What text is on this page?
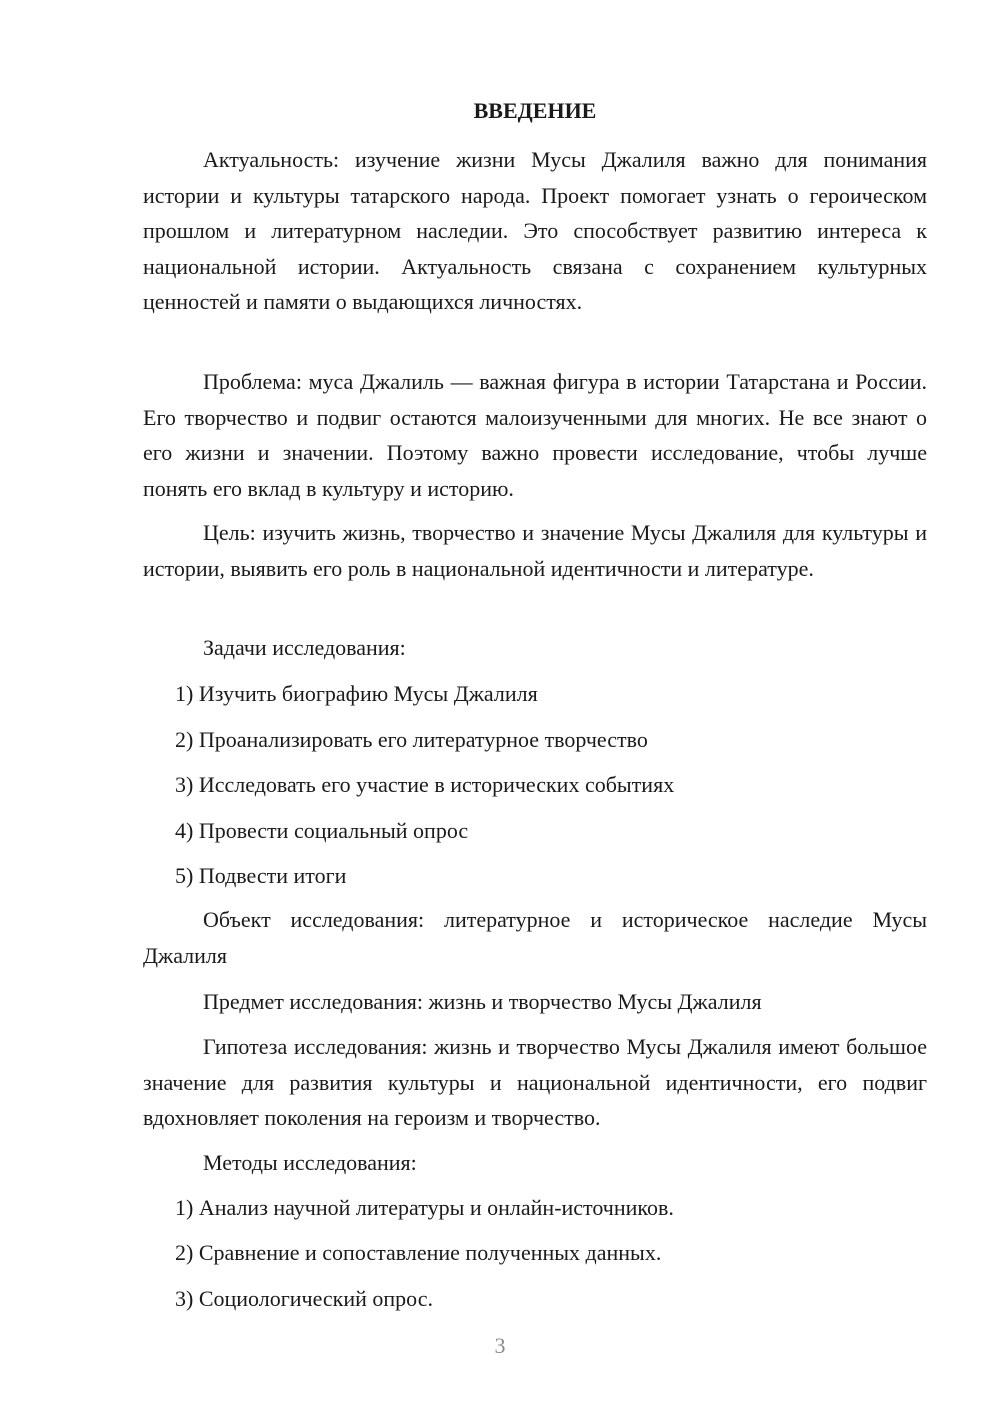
ВВЕДЕНИЕ

Актуальность: изучение жизни Мусы Джалиля важно для понимания истории и культуры татарского народа. Проект помогает узнать о героическом прошлом и литературном наследии. Это способствует развитию интереса к национальной истории. Актуальность связана с сохранением культурных ценностей и памяти о выдающихся личностях.

Проблема: муса Джалиль — важная фигура в истории Татарстана и России. Его творчество и подвиг остаются малоизученными для многих. Не все знают о его жизни и значении. Поэтому важно провести исследование, чтобы лучше понять его вклад в культуру и историю.

Цель: изучить жизнь, творчество и значение Мусы Джалиля для культуры и истории, выявить его роль в национальной идентичности и литературе.

Задачи исследования:
1) Изучить биографию Мусы Джалиля
2) Проанализировать его литературное творчество
3) Исследовать его участие в исторических событиях
4) Провести социальный опрос
5) Подвести итоги

Объект исследования: литературное и историческое наследие Мусы Джалиля

Предмет исследования: жизнь и творчество Мусы Джалиля

Гипотеза исследования: жизнь и творчество Мусы Джалиля имеют большое значение для развития культуры и национальной идентичности, его подвиг вдохновляет поколения на героизм и творчество.

Методы исследования:
1) Анализ научной литературы и онлайн-источников.
2) Сравнение и сопоставление полученных данных.
3) Социологический опрос.
3
